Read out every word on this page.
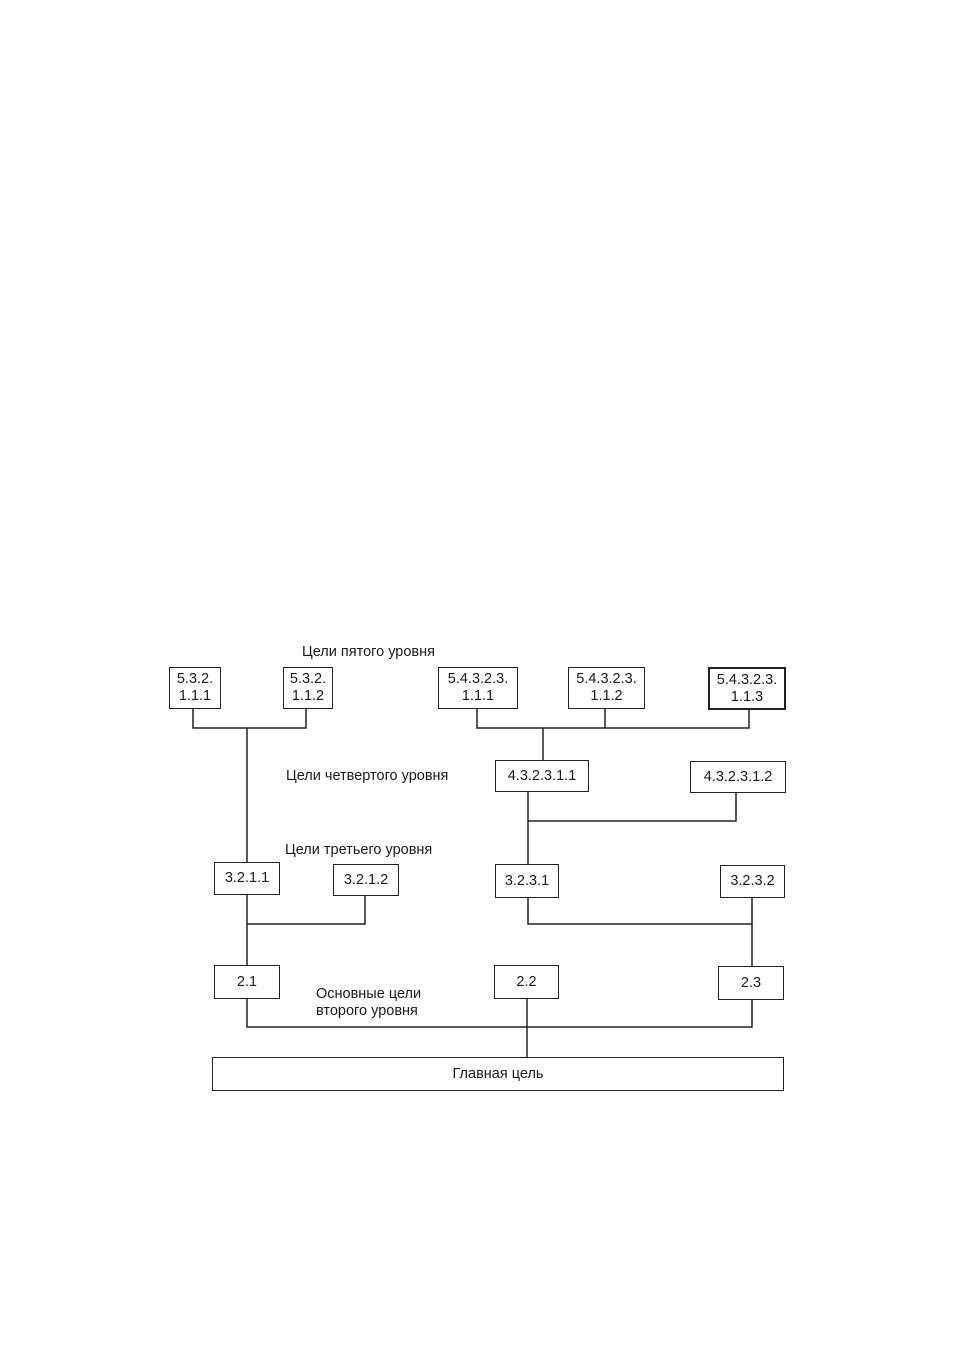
Цели пятого уровня
Цели четвертого уровня
Цели третьего уровня
Основные цели
второго уровня
5.3.2.
1.1.1
5.3.2.
1.1.2
5.4.3.2.3.
1.1.1
5.4.3.2.3.
1.1.2
5.4.3.2.3.
1.1.3
4.3.2.3.1.1	4.3.2.3.1.2
3.2.1.1	3.2.1.2	3.2.3.1	3.2.3.2
2.1	2.2	2.3
Главная цель
